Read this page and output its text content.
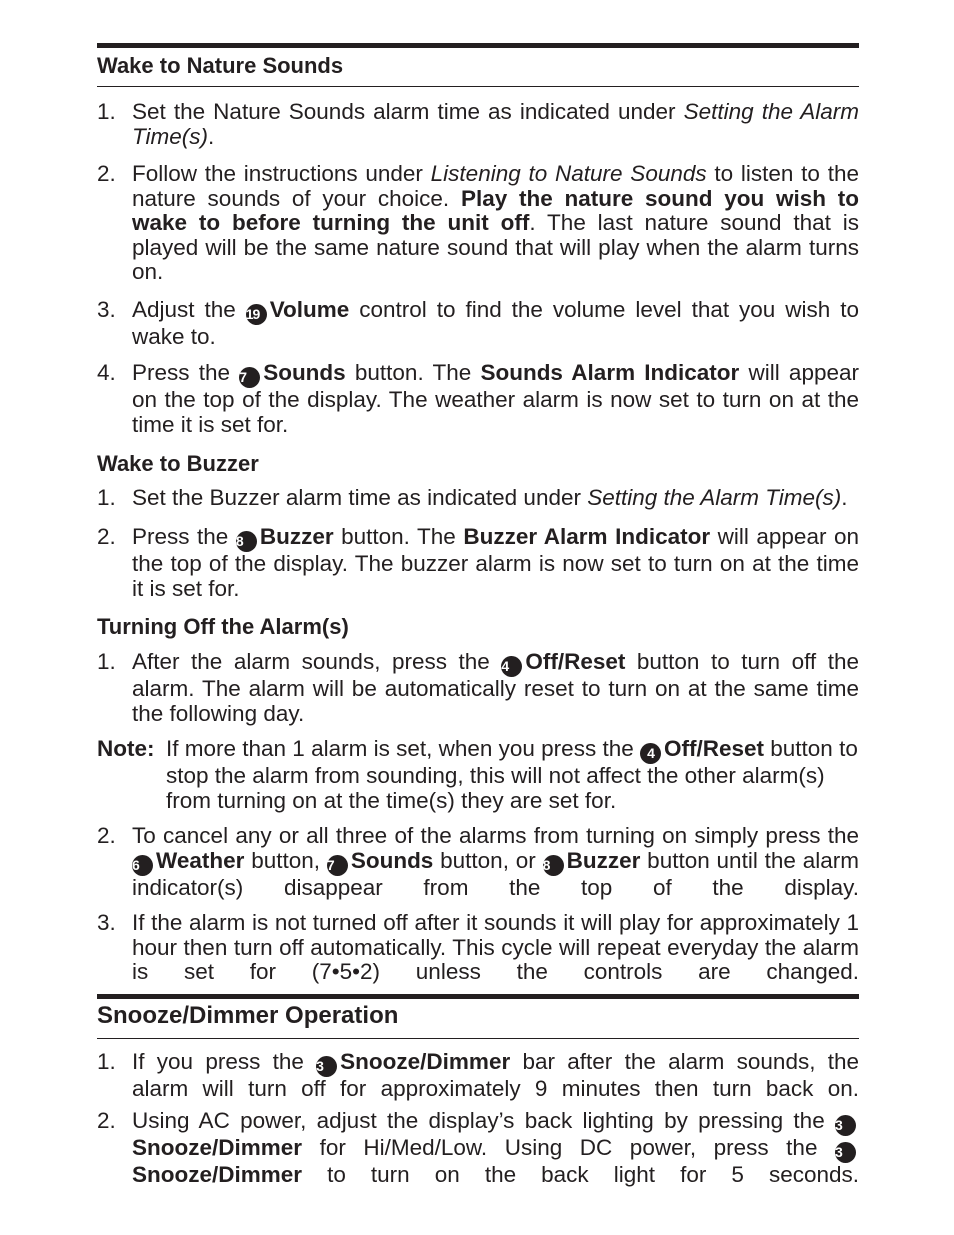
Wake to Nature Sounds
1. Set the Nature Sounds alarm time as indicated under Setting the Alarm Time(s).
2. Follow the instructions under Listening to Nature Sounds to listen to the nature sounds of your choice. Play the nature sound you wish to wake to before turning the unit off. The last nature sound that is played will be the same nature sound that will play when the alarm turns on.
3. Adjust the 19 Volume control to find the volume level that you wish to wake to.
4. Press the 7 Sounds button. The Sounds Alarm Indicator will appear on the top of the display. The weather alarm is now set to turn on at the time it is set for.
Wake to Buzzer
1. Set the Buzzer alarm time as indicated under Setting the Alarm Time(s).
2. Press the 8 Buzzer button. The Buzzer Alarm Indicator will appear on the top of the display. The buzzer alarm is now set to turn on at the time it is set for.
Turning Off the Alarm(s)
1. After the alarm sounds, press the 4 Off/Reset button to turn off the alarm. The alarm will be automatically reset to turn on at the same time the following day.
Note: If more than 1 alarm is set, when you press the 4 Off/Reset button to stop the alarm from sounding, this will not affect the other alarm(s) from turning on at the time(s) they are set for.
2. To cancel any or all three of the alarms from turning on simply press the 6 Weather button, 7 Sounds button, or 8 Buzzer button until the alarm indicator(s) disappear from the top of the display.
3. If the alarm is not turned off after it sounds it will play for approximately 1 hour then turn off automatically. This cycle will repeat everyday the alarm is set for (7•5•2) unless the controls are changed.
Snooze/Dimmer Operation
1. If you press the 3 Snooze/Dimmer bar after the alarm sounds, the alarm will turn off for approximately 9 minutes then turn back on.
2. Using AC power, adjust the display’s back lighting by pressing the 3Snooze/Dimmer for Hi/Med/Low. Using DC power, press the 3Snooze/Dimmer to turn on the back light for 5 seconds.
